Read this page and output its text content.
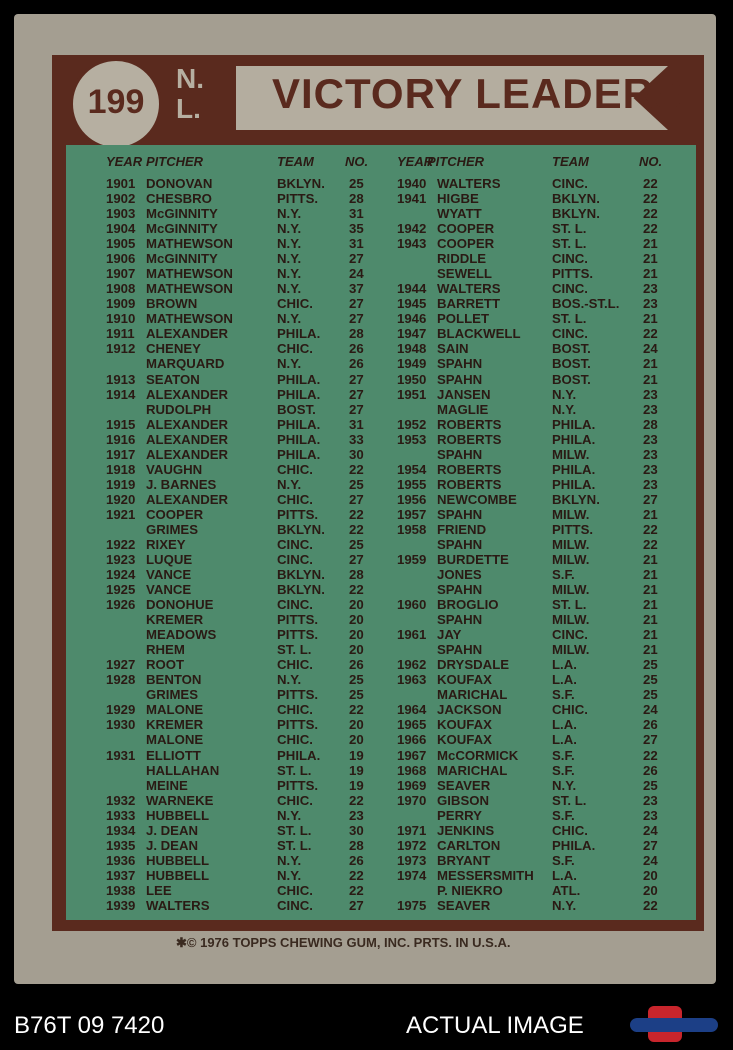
VICTORY LEADERS
199
N. L.
YEAR PITCHER	TEAM NO. YEAR
PITCHER	TEAM	NO.
1901 DONOVAN	BKLYN. 25
1902 CHESBRO	PITTS. 28
1903 McGINNITY	N.Y.	31
1904 McGINNITY	N.Y.	35
1905 MATHEWSON	N.Y.	31
1906 McGINNITY	N.Y.	27
1907 MATHEWSON	N.Y.	24
1908 MATHEWSON	N.Y.	37
1909 BROWN	CHIC.	27
1910 MATHEWSON	N.Y.	27
1911 ALEXANDER	PHILA. 28
1912 CHENEY	CHIC.	26
MARQUARD	N.Y.	26
1913 SEATON	PHILA. 27
1914 ALEXANDER	PHILA. 27
RUDOLPH	BOST.	27
1915 ALEXANDER	PHILA. 31
1916 ALEXANDER	PHILA. 33
1917 ALEXANDER	PHILA. 30
1918 VAUGHN	CHIC.	22
1919 J. BARNES	N.Y.	25
1920 ALEXANDER	CHIC.	27
1921 COOPER	PITTS. 22
GRIMES	BKLYN. 22
1922 RIXEY	CINC.	25
1923 LUQUE	CINC.	27
1924 VANCE	BKLYN. 28
1925 VANCE	BKLYN. 22
1926 DONOHUE	CINC.	20
KREMER	PITTS. 20
MEADOWS	PITTS. 20
RHEM	ST. L.	20
1927 ROOT	CHIC.	26
1928 BENTON	N.Y.	25
GRIMES	PITTS. 25
1929 MALONE	CHIC.	22
1930 KREMER	PITTS. 20
MALONE	CHIC.	20
1931 ELLIOTT	PHILA. 19
HALLAHAN	ST. L.	19
MEINE	PITTS. 19
1932 WARNEKE	CHIC.	22
1933 HUBBELL	N.Y.	23
1934 J. DEAN	ST. L.	30
1935 J. DEAN	ST. L.	28
1936 HUBBELL	N.Y.	26
1937 HUBBELL	N.Y.	22
1938 LEE	CHIC.	22
1939 WALTERS	CINC.	27
1940 WALTERS	CINC.	22
1941 HIGBE	BKLYN.	22
WYATT	BKLYN.	22
1942 COOPER	ST. L.	22
1943 COOPER	ST. L.	21
RIDDLE	CINC.	21
SEWELL	PITTS.	21
1944 WALTERS	CINC.	23
1945 BARRETT	BOS.-ST.L. 23
1946 POLLET	ST. L.	21
1947 BLACKWELL CINC.	22
1948 SAIN	BOST.	24
1949 SPAHN	BOST.	21
1950 SPAHN	BOST.	21
1951 JANSEN	N.Y.	23
MAGLIE	N.Y.	23
1952 ROBERTS	PHILA.	28
1953 ROBERTS	PHILA.	23
SPAHN	MILW.	23
1954 ROBERTS	PHILA.	23
1955 ROBERTS	PHILA.	23
1956 NEWCOMBE	BKLYN.	27
1957 SPAHN	MILW.	21
1958 FRIEND	PITTS.	22
SPAHN	MILW.	22
1959 BURDETTE	MILW.	21
JONES	S.F.	21
SPAHN	MILW.	21
1960 BROGLIO	ST. L.	21
SPAHN	MILW.	21
1961 JAY	CINC.	21
SPAHN	MILW.	21
1962 DRYSDALE	L.A.	25
1963 KOUFAX	L.A.	25
MARICHAL	S.F.	25
1964 JACKSON	CHIC.	24
1965 KOUFAX	L.A.	26
1966 KOUFAX	L.A.	27
1967 McCORMICK	S.F.	22
1968 MARICHAL	S.F.	26
1969 SEAVER	N.Y.	25
1970 GIBSON	ST. L.	23
PERRY	S.F.	23
1971 JENKINS	CHIC.	24
1972 CARLTON	PHILA.	27
1973 BRYANT	S.F.	24
1974 MESSERSMITH L.A.	20
P. NIEKRO	ATL.	20
1975 SEAVER	N.Y.	22
✱© 1976 TOPPS CHEWING GUM, INC. PRTS. IN U.S.A.
B76T 09 7420	ACTUAL IMAGE
